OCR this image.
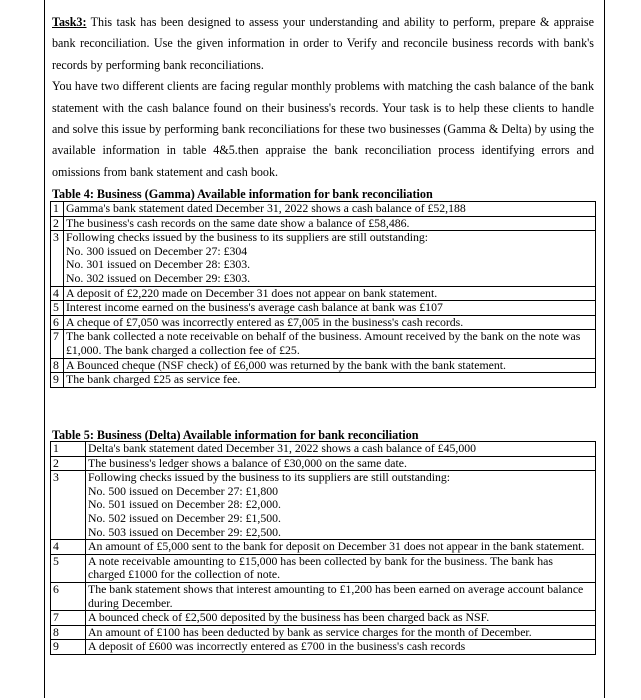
Task3: This task has been designed to assess your understanding and ability to perform, prepare & appraise bank reconciliation. Use the given information in order to Verify and reconcile business records with bank's records by performing bank reconciliations.

You have two different clients are facing regular monthly problems with matching the cash balance of the bank statement with the cash balance found on their business's records. Your task is to help these clients to handle and solve this issue by performing bank reconciliations for these two businesses (Gamma & Delta) by using the available information in table 4&5.then appraise the bank reconciliation process identifying errors and omissions from bank statement and cash book.

Table 4: Business (Gamma) Available information for bank reconciliation
1	Gamma's bank statement dated December 31, 2022 shows a cash balance of £52,188

2	The business's cash records on the same date show a balance of £58,486.

3	Following checks issued by the business to its suppliers are still outstanding:
No. 300 issued on December 27: £304
No. 301 issued on December 28: £303.
No. 302 issued on December 29: £303.

4	A deposit of £2,220 made on December 31 does not appear on bank statement.

5	Interest income earned on the business's average cash balance at bank was £107

6	A cheque of £7,050 was incorrectly entered as £7,005 in the business's cash records.

7	The bank collected a note receivable on behalf of the business. Amount received by the bank on the note was £1,000. The bank charged a collection fee of £25.

8	A Bounced cheque (NSF check) of £6,000 was returned by the bank with the bank statement.

9	The bank charged £25 as service fee.
Table 5: Business (Delta) Available information for bank reconciliation
1	Delta's bank statement dated December 31, 2022 shows a cash balance of £45,000

2	The business's ledger shows a balance of £30,000 on the same date.

3	Following checks issued by the business to its suppliers are still outstanding:
No. 500 issued on December 27: £1,800
No. 501 issued on December 28: £2,000.
No. 502 issued on December 29: £1,500.
No. 503 issued on December 29: £2,500.

4	An amount of £5,000 sent to the bank for deposit on December 31 does not appear in the bank statement.

5	A note receivable amounting to £15,000 has been collected by bank for the business. The bank has charged £1000 for the collection of note.

6	The bank statement shows that interest amounting to £1,200 has been earned on average account balance during December.

7	A bounced check of £2,500 deposited by the business has been charged back as NSF.

8	An amount of £100 has been deducted by bank as service charges for the month of December.

9	A deposit of £600 was incorrectly entered as £700 in the business's cash records
